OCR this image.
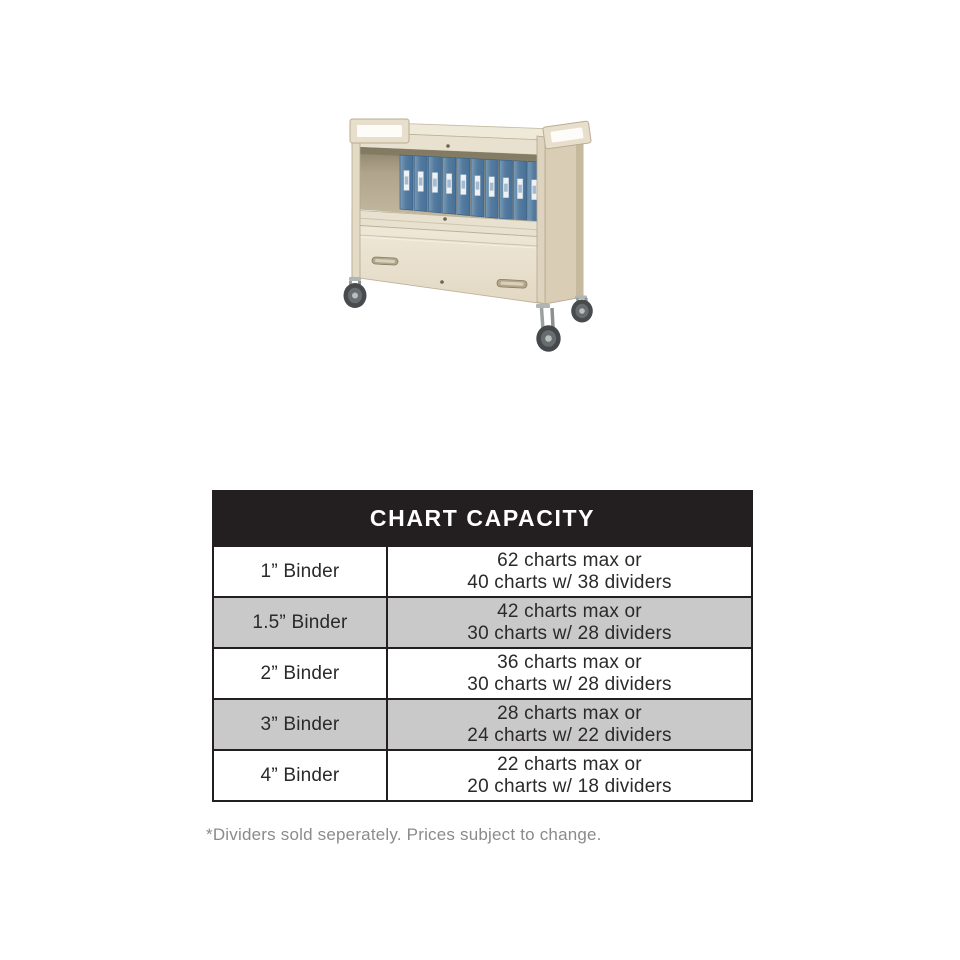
CHART CAPACITY	
1” Binder	62 charts max or
40 charts w/ 38 dividers

1.5” Binder	42 charts max or
30 charts w/ 28 dividers

2” Binder	36 charts max or
30 charts w/ 28 dividers

3” Binder	28 charts max or
24 charts w/ 22 dividers

4” Binder	22 charts max or
20 charts w/ 18 dividers

*Dividers sold seperately. Prices subject to change.
